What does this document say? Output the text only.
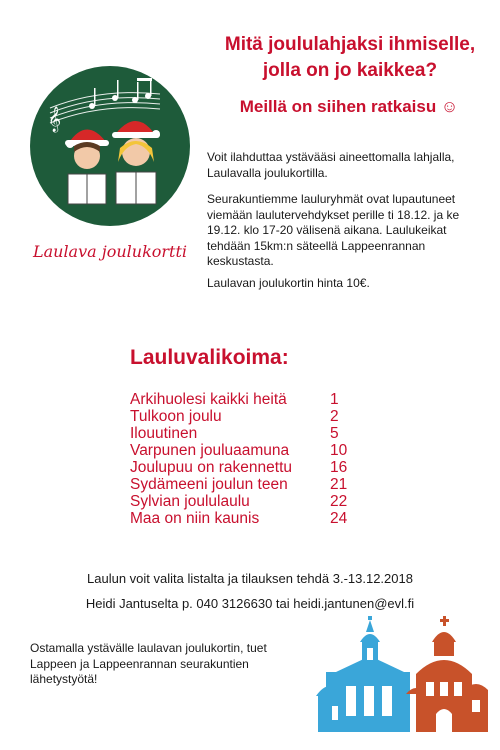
Mitä joululahjaksi ihmiselle,
jolla on jo kaikkea?
Meillä on siihen ratkaisu ☺
𝄞
Laulava joulukortti
Voit ilahduttaa ystävääsi aineettomalla lahjalla, Laulavalla joulukortilla.
Seurakuntiemme lauluryhmät ovat lupautuneet viemään laulutervehdykset perille ti 18.12. ja ke 19.12. klo 17-20 välisenä aikana. Laulukeikat tehdään 15km:n säteellä Lappeenrannan keskustasta.
Laulavan joulukortin hinta 10€.
Lauluvalikoima:
Arkihuolesi kaikki heitä	1
Tulkoon joulu	2
Ilouutinen	5
Varpunen jouluaamuna	10
Joulupuu on rakennettu	16
Sydämeeni joulun teen	21
Sylvian joululaulu	22
Maa on niin kaunis	24
Laulun voit valita listalta ja tilauksen tehdä 3.-13.12.2018
Heidi Jantuselta p. 040 3126630 tai heidi.jantunen@evl.fi
Ostamalla ystävälle laulavan joulukortin, tuet Lappeen ja Lappeenrannan seurakuntien lähetystyötä!
